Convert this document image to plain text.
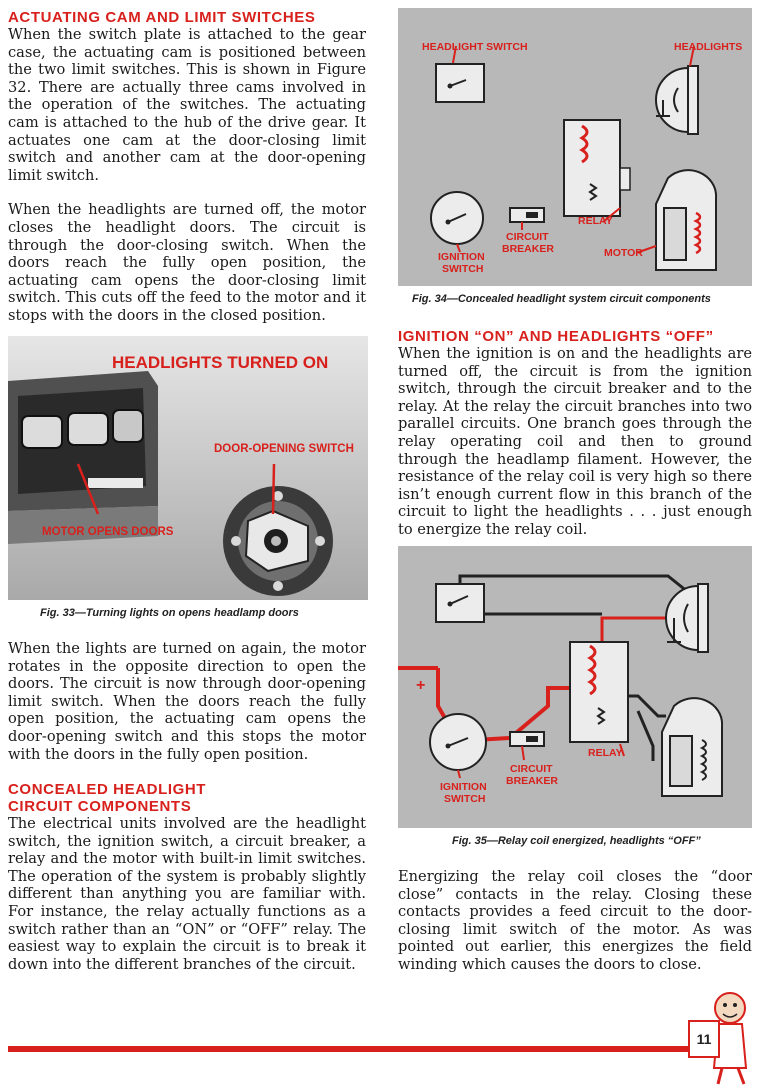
ACTUATING CAM AND LIMIT SWITCHES

When the switch plate is attached to the gear case, the actuating cam is positioned between the two limit switches. This is shown in Figure 32. There are actually three cams involved in the operation of the switches. The actuating cam is attached to the hub of the drive gear. It actuates one cam at the door-closing limit switch and another cam at the door-opening limit switch.

When the headlights are turned off, the motor closes the headlight doors. The circuit is through the door-closing switch. When the doors reach the fully open position, the actuating cam opens the door-closing limit switch. This cuts off the feed to the motor and it stops with the doors in the closed position.

HEADLIGHTS TURNED ON
DOOR-OPENING SWITCH
MOTOR OPENS DOORS
Fig. 33—Turning lights on opens headlamp doors

When the lights are turned on again, the motor rotates in the opposite direction to open the doors. The circuit is now through door-opening limit switch. When the doors reach the fully open position, the actuating cam opens the door-opening switch and this stops the motor with the doors in the fully open position.

CONCEALED HEADLIGHT
CIRCUIT COMPONENTS

The electrical units involved are the headlight switch, the ignition switch, a circuit breaker, a relay and the motor with built-in limit switches. The operation of the system is probably slightly different than anything you are familiar with. For instance, the relay actually functions as a switch rather than an “ON” or “OFF” relay. The easiest way to explain the circuit is to break it down into the different branches of the circuit.

HEADLIGHT SWITCH	HEADLIGHTS
RELAY
IGNITION
SWITCH
CIRCUIT
BREAKER	MOTOR
Fig. 34—Concealed headlight system circuit components
IGNITION “ON” AND HEADLIGHTS “OFF”

When the ignition is on and the headlights are turned off, the circuit is from the ignition switch, through the circuit breaker and to the relay. At the relay the circuit branches into two parallel circuits. One branch goes through the relay operating coil and then to ground through the headlamp filament. However, the resistance of the relay coil is very high so there isn’t enough current flow in this branch of the circuit to light the headlights . . . just enough to energize the relay coil.

+
RELAY
IGNITION
SWITCH
CIRCUIT
BREAKER
Fig. 35—Relay coil energized, headlights “OFF”

Energizing the relay coil closes the “door close” contacts in the relay. Closing these contacts provides a feed circuit to the door-closing limit switch of the motor. As was pointed out earlier, this energizes the field winding which causes the doors to close.

11
